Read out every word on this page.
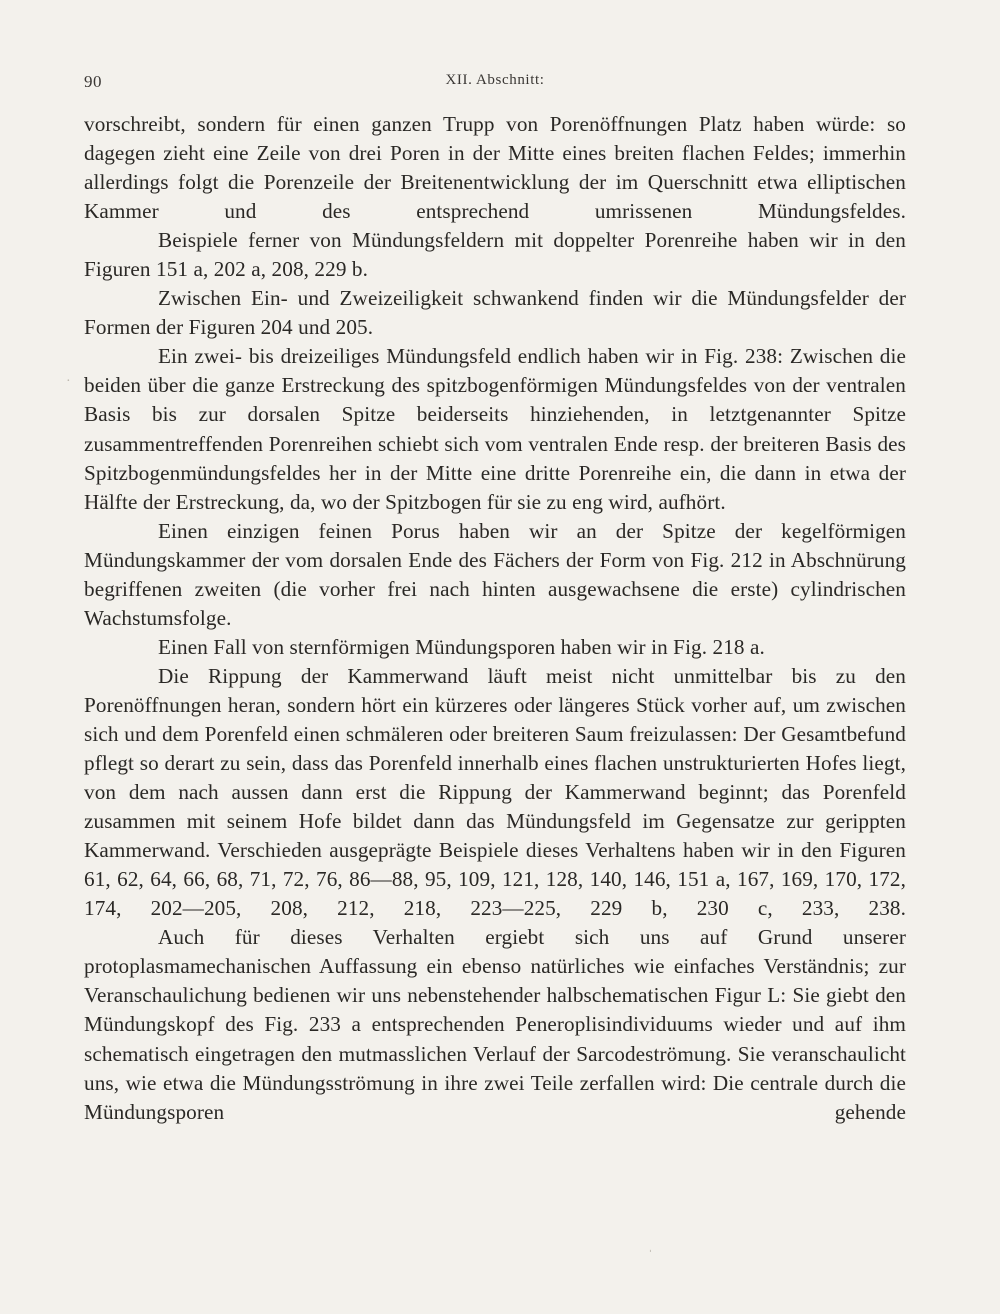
90	XII. Abschnitt:

vorschreibt, sondern für einen ganzen Trupp von Porenöffnungen Platz haben würde: so dagegen zieht eine Zeile von drei Poren in der Mitte eines breiten flachen Feldes; immerhin allerdings folgt die Porenzeile der Breitenentwicklung der im Querschnitt etwa elliptischen Kammer und des entsprechend umrissenen Mündungsfeldes.

Beispiele ferner von Mündungsfeldern mit doppelter Porenreihe haben wir in den Figuren 151 a, 202 a, 208, 229 b.

Zwischen Ein- und Zweizeiligkeit schwankend finden wir die Mündungsfelder der Formen der Figuren 204 und 205.

Ein zwei- bis dreizeiliges Mündungsfeld endlich haben wir in Fig. 238: Zwischen die beiden über die ganze Erstreckung des spitzbogenförmigen Mündungsfeldes von der ventralen Basis bis zur dorsalen Spitze beiderseits hinziehenden, in letztgenannter Spitze zusammentreffenden Porenreihen schiebt sich vom ventralen Ende resp. der breiteren Basis des Spitzbogenmündungsfeldes her in der Mitte eine dritte Porenreihe ein, die dann in etwa der Hälfte der Erstreckung, da, wo der Spitzbogen für sie zu eng wird, aufhört.

Einen einzigen feinen Porus haben wir an der Spitze der kegelförmigen Mündungskammer der vom dorsalen Ende des Fächers der Form von Fig. 212 in Abschnürung begriffenen zweiten (die vorher frei nach hinten ausgewachsene die erste) cylindrischen Wachstumsfolge.

Einen Fall von sternförmigen Mündungsporen haben wir in Fig. 218 a.

Die Rippung der Kammerwand läuft meist nicht unmittelbar bis zu den Porenöffnungen heran, sondern hört ein kürzeres oder längeres Stück vorher auf, um zwischen sich und dem Porenfeld einen schmäleren oder breiteren Saum freizulassen: Der Gesamtbefund pflegt so derart zu sein, dass das Porenfeld innerhalb eines flachen unstrukturierten Hofes liegt, von dem nach aussen dann erst die Rippung der Kammerwand beginnt; das Porenfeld zusammen mit seinem Hofe bildet dann das Mündungsfeld im Gegensatze zur gerippten Kammerwand. Verschieden ausgeprägte Beispiele dieses Verhaltens haben wir in den Figuren 61, 62, 64, 66, 68, 71, 72, 76, 86—88, 95, 109, 121, 128, 140, 146, 151 a, 167, 169, 170, 172, 174, 202—205, 208, 212, 218, 223—225, 229 b, 230 c, 233, 238.

Auch für dieses Verhalten ergiebt sich uns auf Grund unserer protoplasmamechanischen Auffassung ein ebenso natürliches wie einfaches Verständnis; zur Veranschaulichung bedienen wir uns nebenstehender halbschematischen Figur L: Sie giebt den Mündungskopf des Fig. 233 a entsprechenden Peneroplisindividuums wieder und auf ihm schematisch eingetragen den mutmasslichen Verlauf der Sarcodeströmung. Sie veranschaulicht uns, wie etwa die Mündungsströmung in ihre zwei Teile zerfallen wird: Die centrale durch die Mündungsporen gehende

·
ˌ
